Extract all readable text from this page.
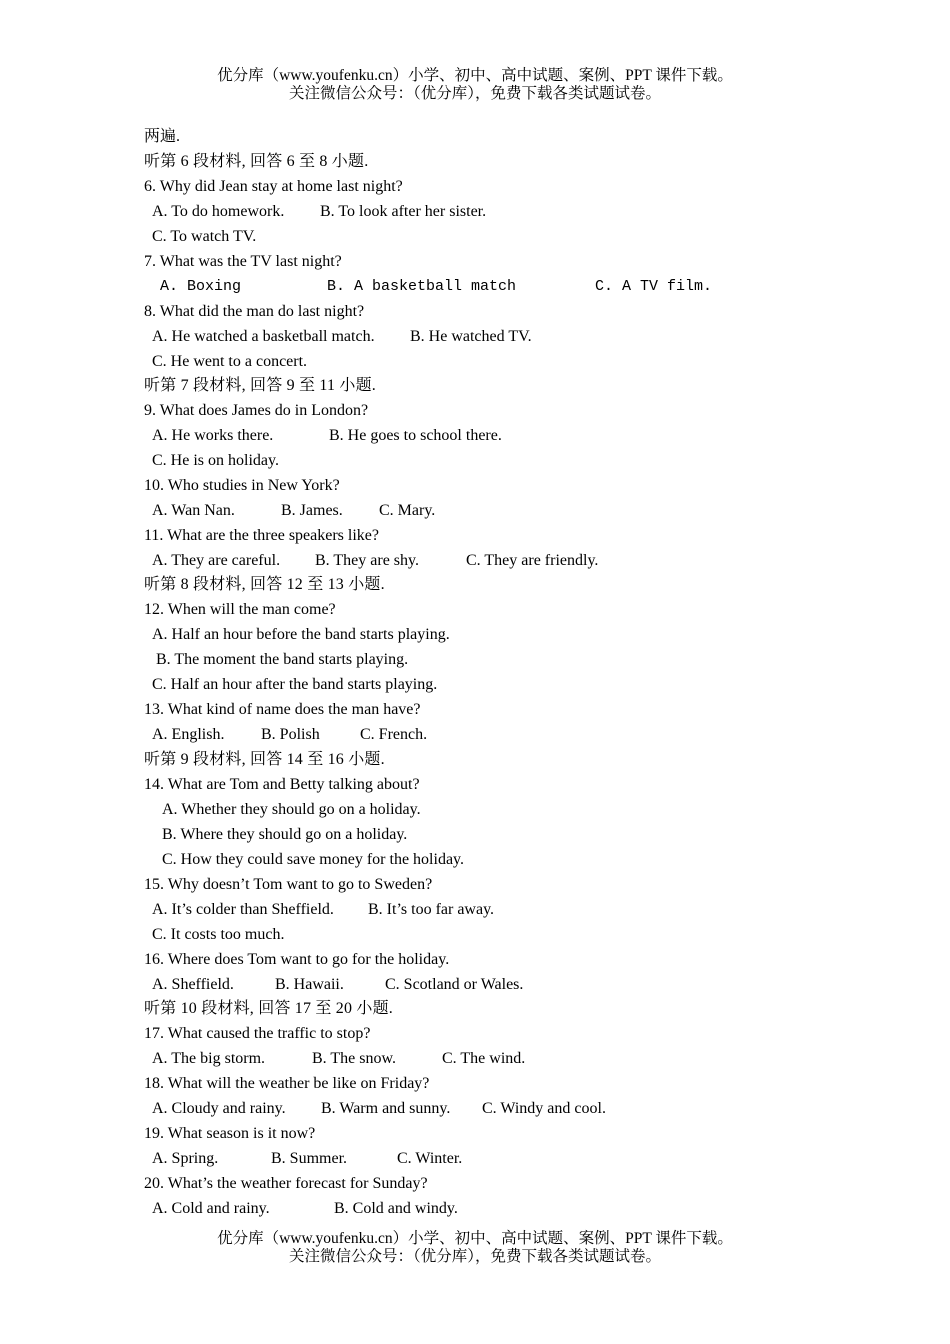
优分库（www.youfenku.cn）小学、初中、高中试题、案例、PPT 课件下载。
关注微信公众号：（优分库），免费下载各类试题试卷。
两遍.
听第 6 段材料, 回答 6 至 8 小题.
6. Why did Jean stay at home last night?
A. To do homework. B. To look after her sister.
C. To watch TV.
7. What was the TV last night?
A. Boxing	B. A basketball match	C. A TV film.
8. What did the man do last night?
A. He watched a basketball match. B. He watched TV.
C. He went to a concert.
听第 7 段材料, 回答 9 至 11 小题.
9. What does James do in London?
A. He works there.	B. He goes to school there.
C. He is on holiday.
10. Who studies in New York?
A. Wan Nan.	B. James. C. Mary.
11. What are the three speakers like?
A. They are careful. B. They are shy.	C. They are friendly.
听第 8 段材料, 回答 12 至 13 小题.
12. When will the man come?
A. Half an hour before the band starts playing.
B. The moment the band starts playing.
C. Half an hour after the band starts playing.
13. What kind of name does the man have?
A. English. B. Polish	C. French.
听第 9 段材料, 回答 14 至 16 小题.
14. What are Tom and Betty talking about?
A. Whether they should go on a holiday.
B. Where they should go on a holiday.
C. How they could save money for the holiday.
15. Why doesn’t Tom want to go to Sweden?
A. It’s colder than Sheffield. B. It’s too far away.
C. It costs too much.
16. Where does Tom want to go for the holiday.
A. Sheffield.	B. Hawaii.	C. Scotland or Wales.
听第 10 段材料, 回答 17 至 20 小题.
17. What caused the traffic to stop?
A. The big storm.	B. The snow.	C. The wind.
18. What will the weather be like on Friday?
A. Cloudy and rainy. B. Warm and sunny. C. Windy and cool.
19. What season is it now?
A. Spring.	B. Summer.	C. Winter.
20. What’s the weather forecast for Sunday?
A. Cold and rainy.	B. Cold and windy.
优分库（www.youfenku.cn）小学、初中、高中试题、案例、PPT 课件下载。
关注微信公众号：（优分库），免费下载各类试题试卷。
